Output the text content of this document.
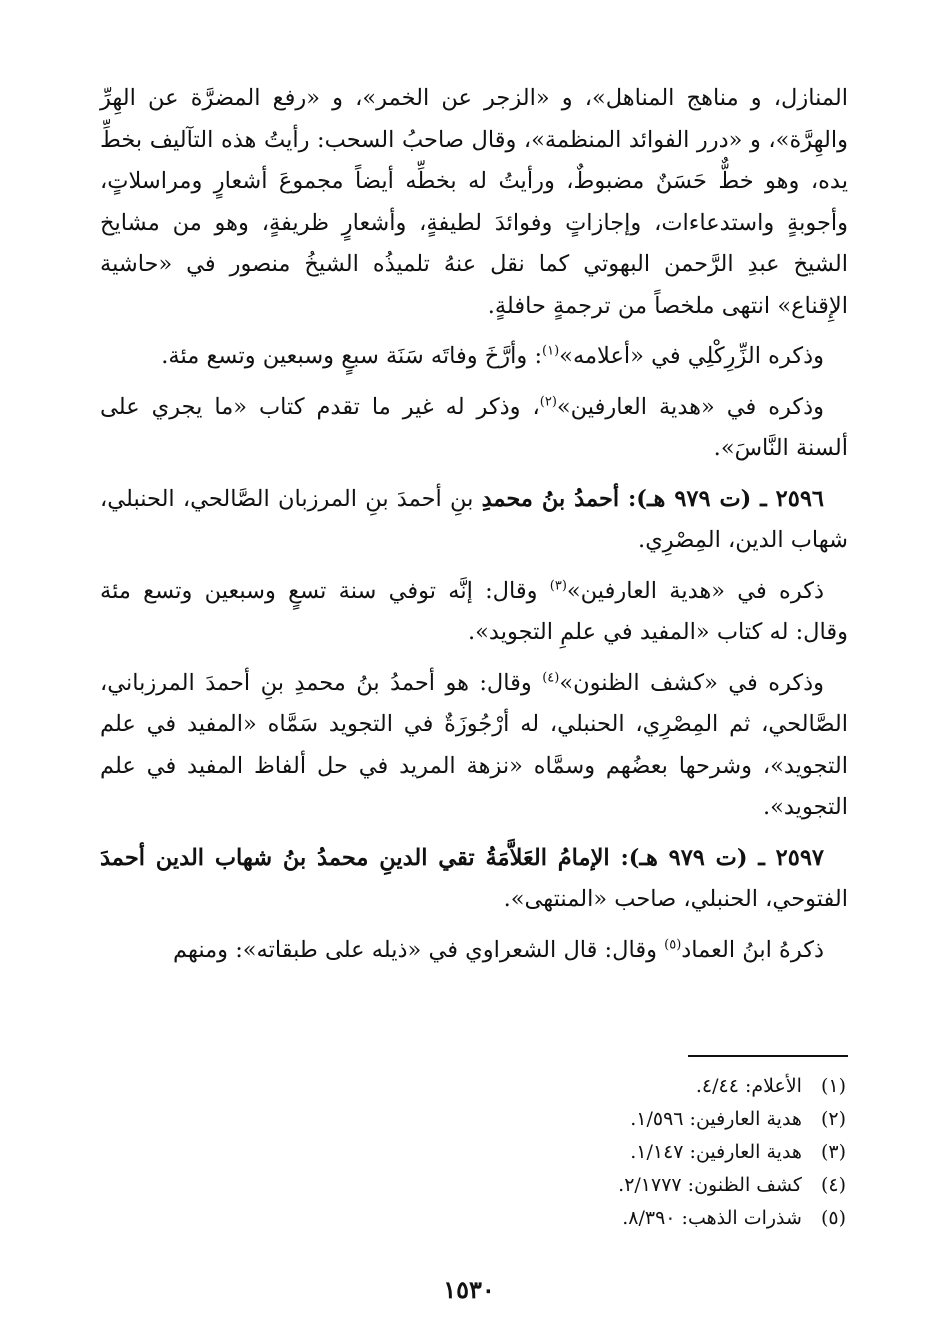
المنازل، و مناهج المناهل»، و «الزجر عن الخمر»، و «رفع المضرَّة عن الهِرِّ والهِرَّة»، و «درر الفوائد المنظمة»، وقال صاحبُ السحب: رأيتُ هذه التآليف بخطِّ يده، وهو خطٌّ حَسَنٌ مضبوطٌ، ورأيتُ له بخطِّه أيضاً مجموعَ أشعارٍ ومراسلاتٍ، وأجوبةٍ واستدعاءات، وإجازاتٍ وفوائدَ لطيفةٍ، وأشعارٍ ظريفةٍ، وهو من مشايخ الشيخ عبدِ الرَّحمن البهوتي كما نقل عنهُ تلميذُه الشيخُ منصور في «حاشية الإِقناع» انتهى ملخصاً من ترجمةٍ حافلةٍ.

وذكره الزِّرِكْلِي في «أعلامه»$^{(١)}$: وأرَّخَ وفاتَه سَنَة سبعٍ وسبعين وتسع مئة.

وذكره في «هدية العارفين»$^{(٢)}$، وذكر له غير ما تقدم كتاب «ما يجري على ألسنة النَّاسَ».

٢٥٩٦ ـ (ت ٩٧٩ هـ): أحمدُ بنُ محمدِ بنِ أحمدَ بنِ المرزبان الصَّالحي، الحنبلي، شهاب الدين، المِصْرِي.

ذكره في «هدية العارفين»$^{(٣)}$ وقال: إنَّه توفي سنة تسعٍ وسبعين وتسع مئة وقال: له كتاب «المفيد في علمِ التجويد».

وذكره في «كشف الظنون»$^{(٤)}$ وقال: هو أحمدُ بنُ محمدِ بنِ أحمدَ المرزباني، الصَّالحي، ثم المِصْرِي، الحنبلي، له أرْجُوزَةٌ في التجويد سَمَّاه «المفيد في علم التجويد»، وشرحها بعضُهم وسمَّاه «نزهة المريد في حل ألفاظ المفيد في علم التجويد».

٢٥٩٧ ـ (ت ٩٧٩ هـ): الإمامُ العَلاَّمَةُ تقي الدينِ محمدُ بنُ شهاب الدين أحمدَ الفتوحي، الحنبلي، صاحب «المنتهى».

ذكرهُ ابنُ العماد$^{(٥)}$ وقال: قال الشعراوي في «ذيله على طبقاته»: ومنهم

(١) الأعلام: ٤/٤٤.
(٢) هدية العارفين: ١/٥٩٦.
(٣) هدية العارفين: ١/١٤٧.
(٤) كشف الظنون: ٢/١٧٧٧.
(٥) شذرات الذهب: ٨/٣٩٠.
١٥٣٠
